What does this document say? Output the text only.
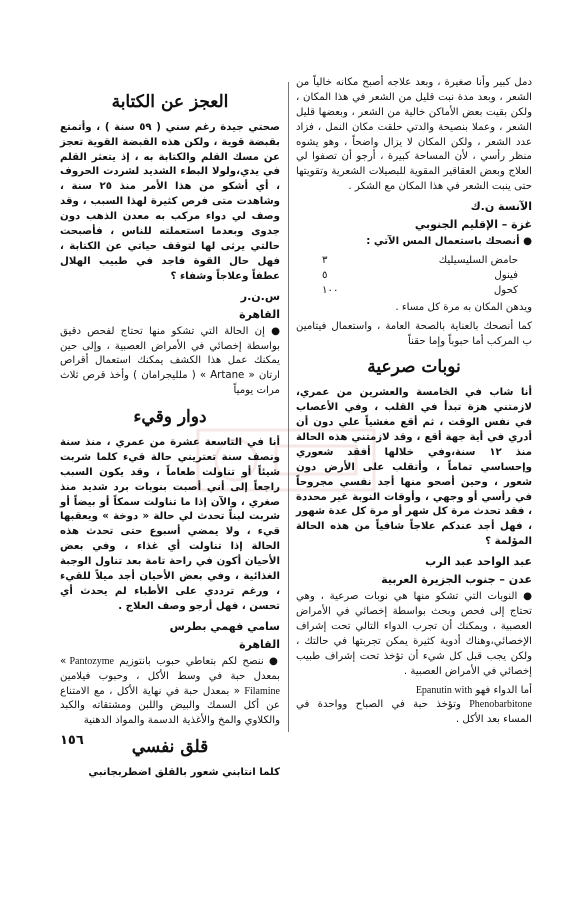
دمل كبير وأنا صغيرة ، وبعد علاجه أصبح مكانه خالياً من الشعر ، وبعد مدة نبت قليل من الشعر في هذا المكان ، ولكن بقيت بعض الأماكن خالية من الشعر ، وبعضها قليل الشعر ، وعملا بنصيحة والدتي حلقت مكان النمل ، فزاد عدد الشعر ، ولكن المكان لا يزال واضحاً ، وهو يشوه منظر رأسي ، لأن المساحة كبيرة ، أرجو أن تصفوا لي العلاج وبعض العقاقير المقوية للبصيلات الشعرية وتقويتها حتى ينبت الشعر في هذا المكان مع الشكر .

الآنسة ن.ك
غزة – الإقليم الجنوبي

● أنصحك باستعمال المس الآتي :

حامض السليسيليك
٣
فينول
٥
كحول
١٠٠

ويدهن المكان به مرة كل مساء .

كما أنصحك بالعناية بالصحة العامة ، واستعمال فيتامين ب المركب أما حبوباً وإما حقناً

نوبات صرعية

أنا شاب في الخامسة والعشرين من عمري، لازمتني هزة تبدأ في القلب ، وفي الأعصاب في نفس الوقت ، ثم أقع مغشياً علي دون أن أدري في أية جهة أقع ، وقد لازمتني هذه الحالة منذ ١٢ سنة،وفي خلالها أفقد شعوري وإحساسي تماماً ، وأتقلب على الأرض دون شعور ، وحين أصحو منها أجد نفسي مجروحاً في رأسي أو وجهي ، وأوقات النوبة غير محددة ، فقد تحدث مرة كل شهر أو مرة كل عدة شهور ، فهل أجد عندكم علاجاً شافياً من هذه الحالة المؤلمة ؟

عبد الواحد عبد الرب
عدن – جنوب الجزيرة العربية

● النوبات التي تشكو منها هي نوبات صرعية ، وهي تحتاج إلى فحص وبحث بواسطة إخصائي في الأمراض العصبية ، ويمكنك أن تجرب الدواء التالي تحت إشراف الإخصائي،وهناك أدوية كثيرة يمكن تجربتها في حالتك ، ولكن يجب قبل كل شيء أن تؤخذ تحت إشراف طبيب إخصائي في الأمراض العصبية .

أما الدواء فهو Epanutin with
Phenobarbitone وتؤخذ حبة في الصباح وواحدة في المساء بعد الأكل .

العجز عن الكتابة

صحتي جيدة رغم سني ( ٥٩ سنة ) ، وأتمتع بقبضة قوية ، ولكن هذه القبضة القوية تعجز عن مسك القلم والكتابة به ، إذ يتعثر القلم في يدي،ولولا البطء الشديد لشردت الحروف ، أي أشكو من هذا الأمر منذ ٢٥ سنة ، وشاهدت متى فرص كثيرة لهذا السبب ، وقد وصف لي دواء مركب به معدن الذهب دون جدوى وبعدما استعملته للناس ، فأصبحت حالتي يرثى لها لتوقف حياتي عن الكتابة ، فهل حال القوة فاجد في طبيب الهلال عطفاً وعلاجاً وشفاء ؟

س.ن.ر
القاهرة

● إن الحالة التي تشكو منها تحتاج لفحص دقيق بواسطة إخصائي في الأمراض العصبية ، وإلى حين يمكنك عمل هذا الكشف يمكنك استعمال أقراص ارتان « Artane » ( ملليجرامان ) وأخذ قرص ثلاث مرات يومياً

دوار وقيء

أنا في التاسعة عشرة من عمري ، منذ سنة ونصف سنة تعتريني حالة قيء كلما شربت شيئاً أو تناولت طعاماً ، وقد يكون السبب راجعاً إلى أني أصبت بنوبات برد شديد منذ صغري ، والآن إذا ما تناولت سمكاً أو بيضاً أو شربت لبناً تحدث لي حالة « دوخة » ويعقبها قيء ، ولا يمضي أسبوع حتى تحدث هذه الحالة إذا تناولت أي غذاء ، وفي بعض الأحيان أكون في راحة تامة بعد تناول الوجبة الغذائية ، وفي بعض الأحيان أجد ميلاً للقيء ، ورغم ترددي على الأطباء لم يحدث أي تحسن ، فهل أرجو وصف العلاج .

سامي فهمي بطرس
القاهرة

● ننصح لكم بتعاطي حبوب بانتوزيم Pantozyme » بمعدل حبة في وسط الأكل ، وحبوب فيلامين Filamine « بمعدل حبة في نهاية الأكل ، مع الامتناع عن أكل السمك والبيض واللبن ومشتقاته والكبد والكلاوي والمخ والأغذية الدسمة والمواد الدهنية

قلق نفسي

كلما انتابني شعور بالقلق اضطربجانبي

١٥٦
